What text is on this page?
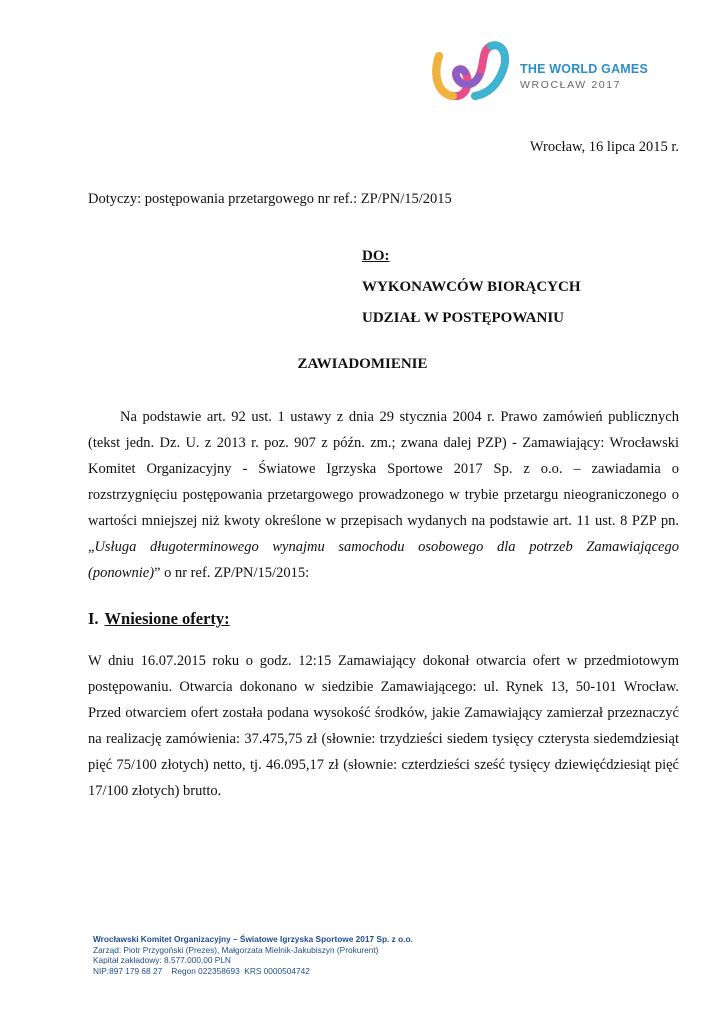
THE WORLD GAMES
WROCŁAW 2017
Wrocław, 16 lipca 2015 r.
Dotyczy: postępowania przetargowego nr ref.: ZP/PN/15/2015
DO:
WYKONAWCÓW BIORĄCYCH
UDZIAŁ W POSTĘPOWANIU
ZAWIADOMIENIE
Na podstawie art. 92 ust. 1 ustawy z dnia 29 stycznia 2004 r. Prawo zamówień publicznych (tekst jedn. Dz. U. z 2013 r. poz. 907 z późn. zm.; zwana dalej PZP) - Zamawiający: Wrocławski Komitet Organizacyjny - Światowe Igrzyska Sportowe 2017 Sp. z o.o. – zawiadamia o rozstrzygnięciu postępowania przetargowego prowadzonego w trybie przetargu nieograniczonego o wartości mniejszej niż kwoty określone w przepisach wydanych na podstawie art. 11 ust. 8 PZP pn. „Usługa długoterminowego wynajmu samochodu osobowego dla potrzeb Zamawiającego (ponownie)” o nr ref. ZP/PN/15/2015:
I. Wniesione oferty:
W dniu 16.07.2015 roku o godz. 12:15 Zamawiający dokonał otwarcia ofert w przedmiotowym postępowaniu. Otwarcia dokonano w siedzibie Zamawiającego: ul. Rynek 13, 50-101 Wrocław. Przed otwarciem ofert została podana wysokość środków, jakie Zamawiający zamierzał przeznaczyć na realizację zamówienia: 37.475,75 zł (słownie: trzydzieści siedem tysięcy czterysta siedemdziesiąt pięć 75/100 złotych) netto, tj. 46.095,17 zł (słownie: czterdzieści sześć tysięcy dziewięćdziesiąt pięć 17/100 złotych) brutto.
Wrocławski Komitet Organizacyjny – Światowe Igrzyska Sportowe 2017 Sp. z o.o.
Zarząd: Piotr Przygoński (Prezes), Małgorzata Mielnik-Jakubiszyn (Prokurent)
Kapitał zakładowy: 8.577.000,00 PLN
NIP:897 179 68 27    Regon 022358693  KRS 0000504742
